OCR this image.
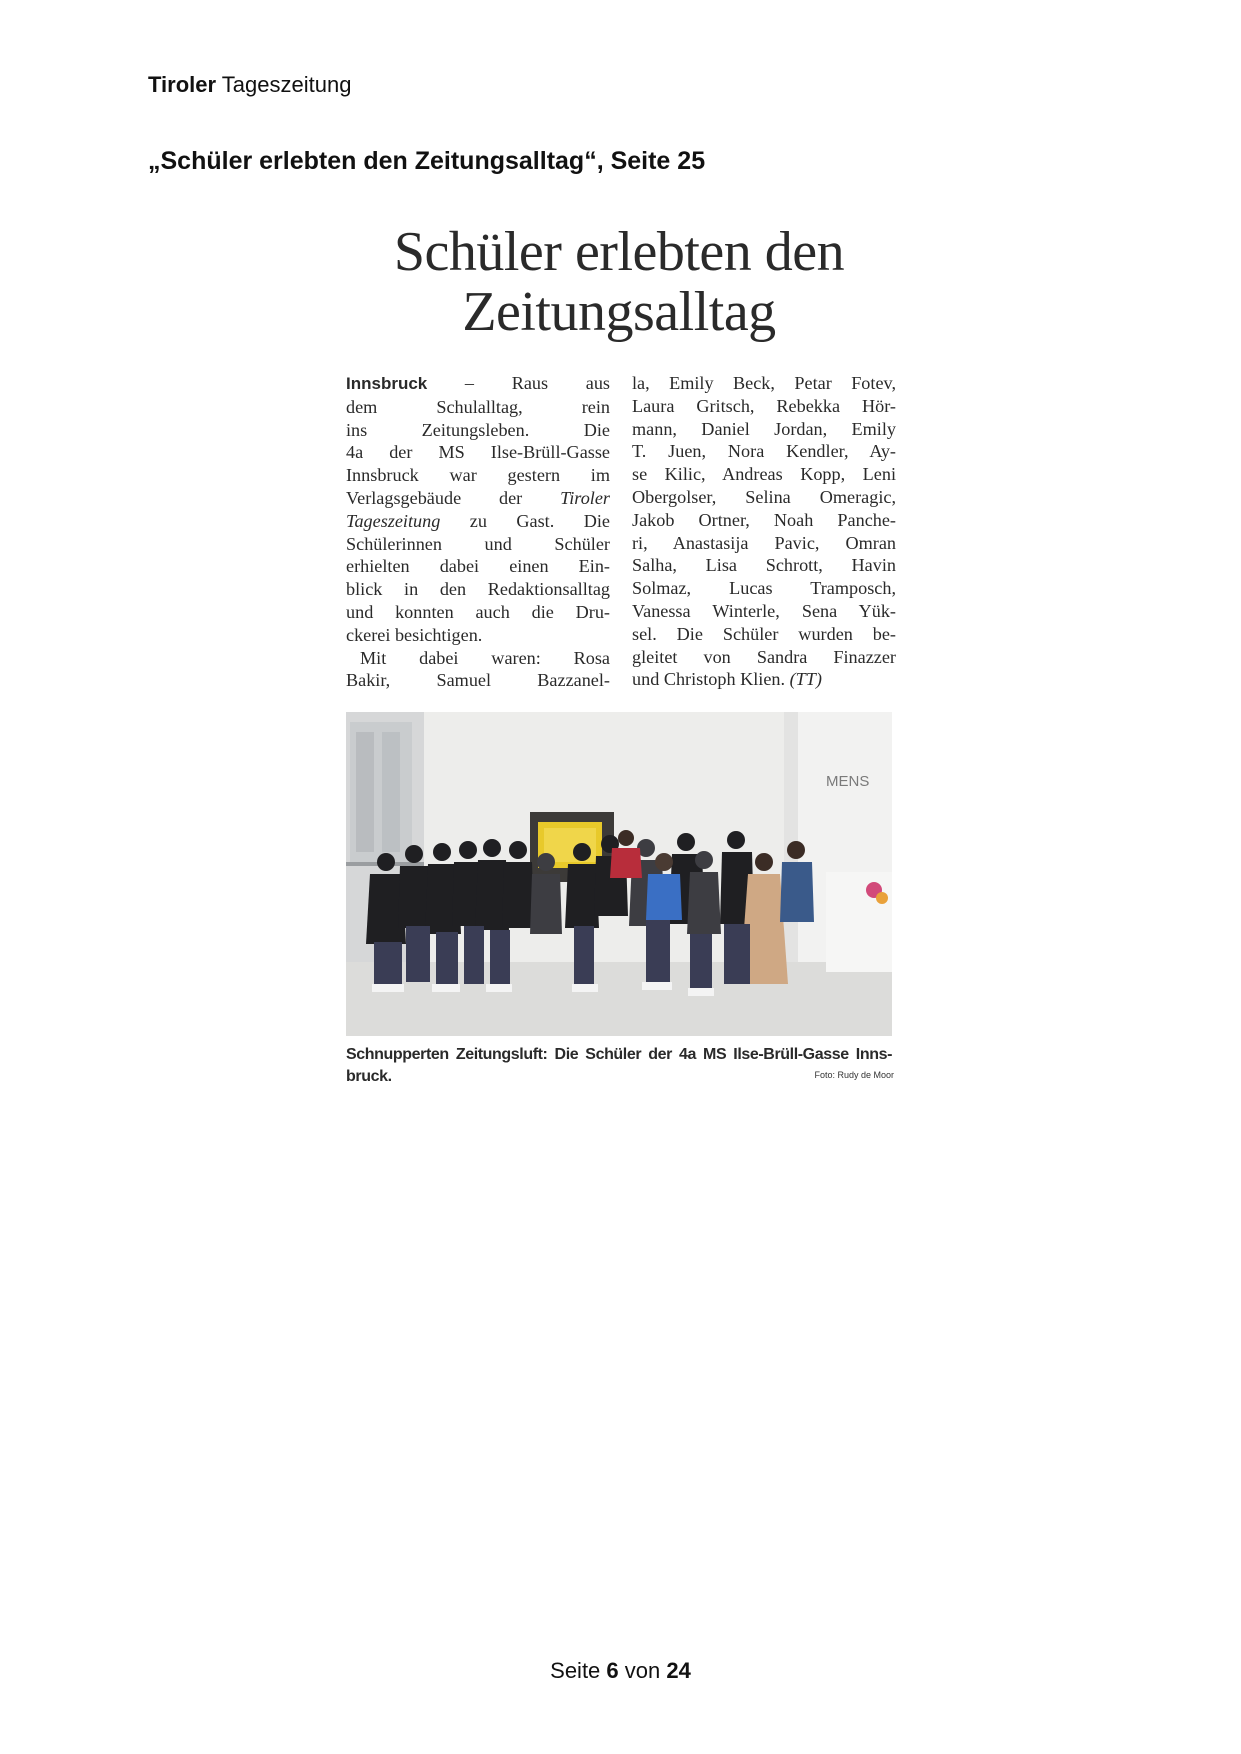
Tiroler Tageszeitung
„Schüler erlebten den Zeitungsalltag“, Seite 25
Schüler erlebten den
Zeitungsalltag
Innsbruck – Raus aus
dem Schulalltag, rein
ins Zeitungsleben. Die
4a der MS Ilse-Brüll-Gasse
Innsbruck war gestern im
Verlagsgebäude der Tiroler
Tageszeitung zu Gast. Die
Schülerinnen und Schüler
erhielten dabei einen Ein-
blick in den Redaktionsalltag
und konnten auch die Dru-
ckerei besichtigen.
Mit dabei waren: Rosa
Bakir, Samuel Bazzanel-
la, Emily Beck, Petar Fotev,
Laura Gritsch, Rebekka Hör-
mann, Daniel Jordan, Emily
T. Juen, Nora Kendler, Ay-
se Kilic, Andreas Kopp, Leni
Obergolser, Selina Omeragic,
Jakob Ortner, Noah Panche-
ri, Anastasija Pavic, Omran
Salha, Lisa Schrott, Havin
Solmaz, Lucas Tramposch,
Vanessa Winterle, Sena Yük-
sel. Die Schüler wurden be-
gleitet von Sandra Finazzer
und Christoph Klien. (TT)
MENS
Schnupperten Zeitungsluft: Die Schüler der 4a MS Ilse-Brüll-Gasse Inns-
bruck.	Foto: Rudy de Moor
Seite 6 von 24
